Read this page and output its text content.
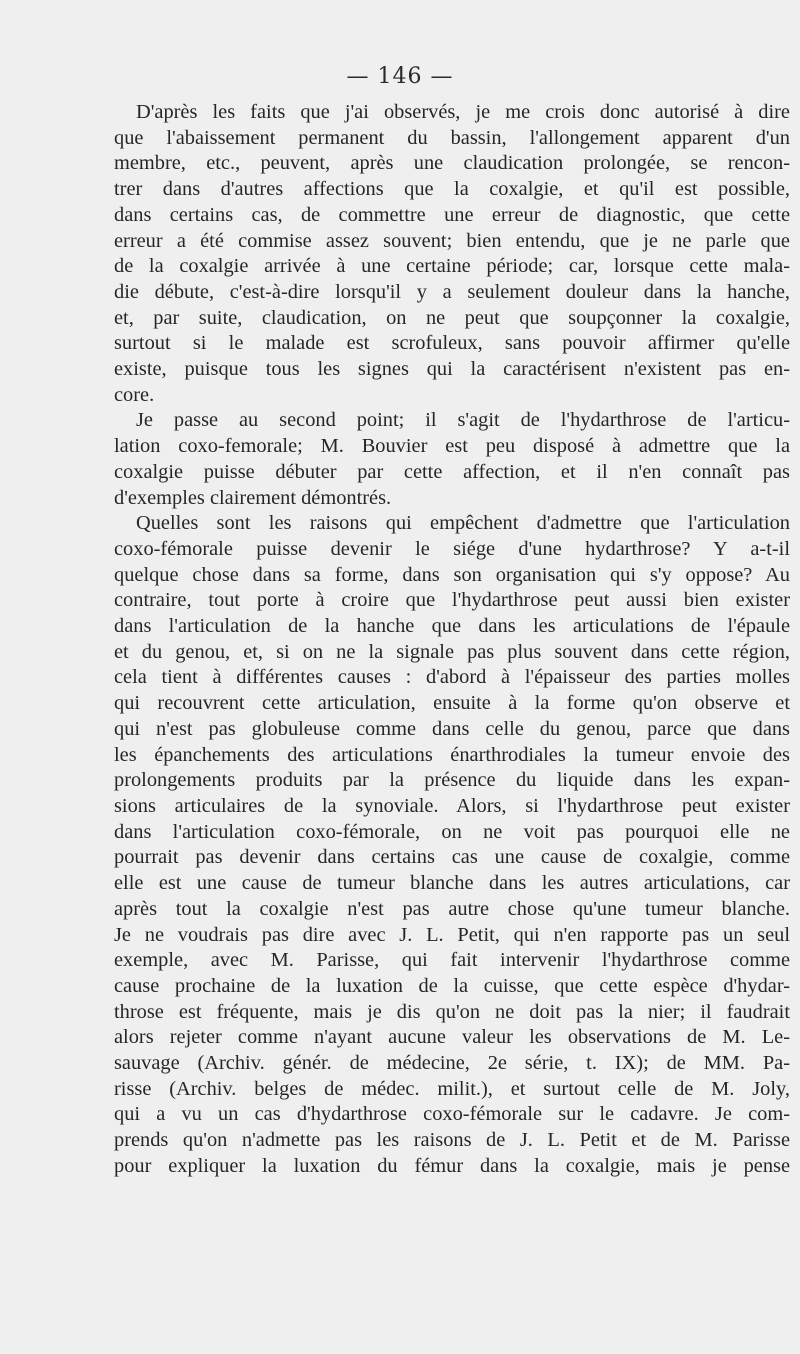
— 146 —
D'après les faits que j'ai observés, je me crois donc autorisé à dire
que l'abaissement permanent du bassin, l'allongement apparent d'un
membre, etc., peuvent, après une claudication prolongée, se rencon-
trer dans d'autres affections que la coxalgie, et qu'il est possible,
dans certains cas, de commettre une erreur de diagnostic, que cette
erreur a été commise assez souvent; bien entendu, que je ne parle que
de la coxalgie arrivée à une certaine période; car, lorsque cette mala-
die débute, c'est-à-dire lorsqu'il y a seulement douleur dans la hanche,
et, par suite, claudication, on ne peut que soupçonner la coxalgie,
surtout si le malade est scrofuleux, sans pouvoir affirmer qu'elle
existe, puisque tous les signes qui la caractérisent n'existent pas en-
core.
Je passe au second point; il s'agit de l'hydarthrose de l'articu-
lation coxo-femorale; M. Bouvier est peu disposé à admettre que la
coxalgie puisse débuter par cette affection, et il n'en connaît pas
d'exemples clairement démontrés.
Quelles sont les raisons qui empêchent d'admettre que l'articulation
coxo-fémorale puisse devenir le siége d'une hydarthrose? Y a-t-il
quelque chose dans sa forme, dans son organisation qui s'y oppose? Au
contraire, tout porte à croire que l'hydarthrose peut aussi bien exister
dans l'articulation de la hanche que dans les articulations de l'épaule
et du genou, et, si on ne la signale pas plus souvent dans cette région,
cela tient à différentes causes : d'abord à l'épaisseur des parties molles
qui recouvrent cette articulation, ensuite à la forme qu'on observe et
qui n'est pas globuleuse comme dans celle du genou, parce que dans
les épanchements des articulations énarthrodiales la tumeur envoie des
prolongements produits par la présence du liquide dans les expan-
sions articulaires de la synoviale. Alors, si l'hydarthrose peut exister
dans l'articulation coxo-fémorale, on ne voit pas pourquoi elle ne
pourrait pas devenir dans certains cas une cause de coxalgie, comme
elle est une cause de tumeur blanche dans les autres articulations, car
après tout la coxalgie n'est pas autre chose qu'une tumeur blanche.
Je ne voudrais pas dire avec J. L. Petit, qui n'en rapporte pas un seul
exemple, avec M. Parisse, qui fait intervenir l'hydarthrose comme
cause prochaine de la luxation de la cuisse, que cette espèce d'hydar-
throse est fréquente, mais je dis qu'on ne doit pas la nier; il faudrait
alors rejeter comme n'ayant aucune valeur les observations de M. Le-
sauvage (Archiv. génér. de médecine, 2e série, t. IX); de MM. Pa-
risse (Archiv. belges de médec. milit.), et surtout celle de M. Joly,
qui a vu un cas d'hydarthrose coxo-fémorale sur le cadavre. Je com-
prends qu'on n'admette pas les raisons de J. L. Petit et de M. Parisse
pour expliquer la luxation du fémur dans la coxalgie, mais je pense
